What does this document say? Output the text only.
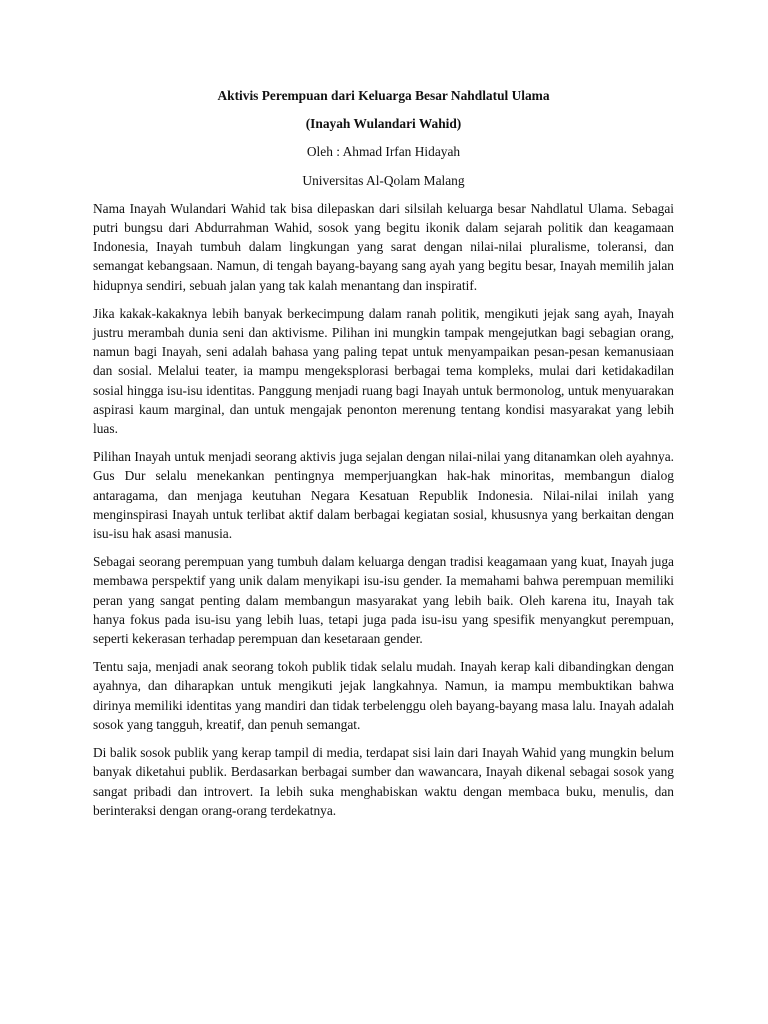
Aktivis Perempuan dari Keluarga Besar Nahdlatul Ulama

(Inayah Wulandari Wahid)

Oleh : Ahmad Irfan Hidayah

Universitas Al-Qolam Malang

Nama Inayah Wulandari Wahid tak bisa dilepaskan dari silsilah keluarga besar Nahdlatul Ulama. Sebagai putri bungsu dari Abdurrahman Wahid, sosok yang begitu ikonik dalam sejarah politik dan keagamaan Indonesia, Inayah tumbuh dalam lingkungan yang sarat dengan nilai-nilai pluralisme, toleransi, dan semangat kebangsaan. Namun, di tengah bayang-bayang sang ayah yang begitu besar, Inayah memilih jalan hidupnya sendiri, sebuah jalan yang tak kalah menantang dan inspiratif.

Jika kakak-kakaknya lebih banyak berkecimpung dalam ranah politik, mengikuti jejak sang ayah, Inayah justru merambah dunia seni dan aktivisme. Pilihan ini mungkin tampak mengejutkan bagi sebagian orang, namun bagi Inayah, seni adalah bahasa yang paling tepat untuk menyampaikan pesan-pesan kemanusiaan dan sosial. Melalui teater, ia mampu mengeksplorasi berbagai tema kompleks, mulai dari ketidakadilan sosial hingga isu-isu identitas. Panggung menjadi ruang bagi Inayah untuk bermonolog, untuk menyuarakan aspirasi kaum marginal, dan untuk mengajak penonton merenung tentang kondisi masyarakat yang lebih luas.

Pilihan Inayah untuk menjadi seorang aktivis juga sejalan dengan nilai-nilai yang ditanamkan oleh ayahnya. Gus Dur selalu menekankan pentingnya memperjuangkan hak-hak minoritas, membangun dialog antaragama, dan menjaga keutuhan Negara Kesatuan Republik Indonesia. Nilai-nilai inilah yang menginspirasi Inayah untuk terlibat aktif dalam berbagai kegiatan sosial, khususnya yang berkaitan dengan isu-isu hak asasi manusia.

Sebagai seorang perempuan yang tumbuh dalam keluarga dengan tradisi keagamaan yang kuat, Inayah juga membawa perspektif yang unik dalam menyikapi isu-isu gender. Ia memahami bahwa perempuan memiliki peran yang sangat penting dalam membangun masyarakat yang lebih baik. Oleh karena itu, Inayah tak hanya fokus pada isu-isu yang lebih luas, tetapi juga pada isu-isu yang spesifik menyangkut perempuan, seperti kekerasan terhadap perempuan dan kesetaraan gender.

Tentu saja, menjadi anak seorang tokoh publik tidak selalu mudah. Inayah kerap kali dibandingkan dengan ayahnya, dan diharapkan untuk mengikuti jejak langkahnya. Namun, ia mampu membuktikan bahwa dirinya memiliki identitas yang mandiri dan tidak terbelenggu oleh bayang-bayang masa lalu. Inayah adalah sosok yang tangguh, kreatif, dan penuh semangat.

Di balik sosok publik yang kerap tampil di media, terdapat sisi lain dari Inayah Wahid yang mungkin belum banyak diketahui publik. Berdasarkan berbagai sumber dan wawancara, Inayah dikenal sebagai sosok yang sangat pribadi dan introvert. Ia lebih suka menghabiskan waktu dengan membaca buku, menulis, dan berinteraksi dengan orang-orang terdekatnya.
